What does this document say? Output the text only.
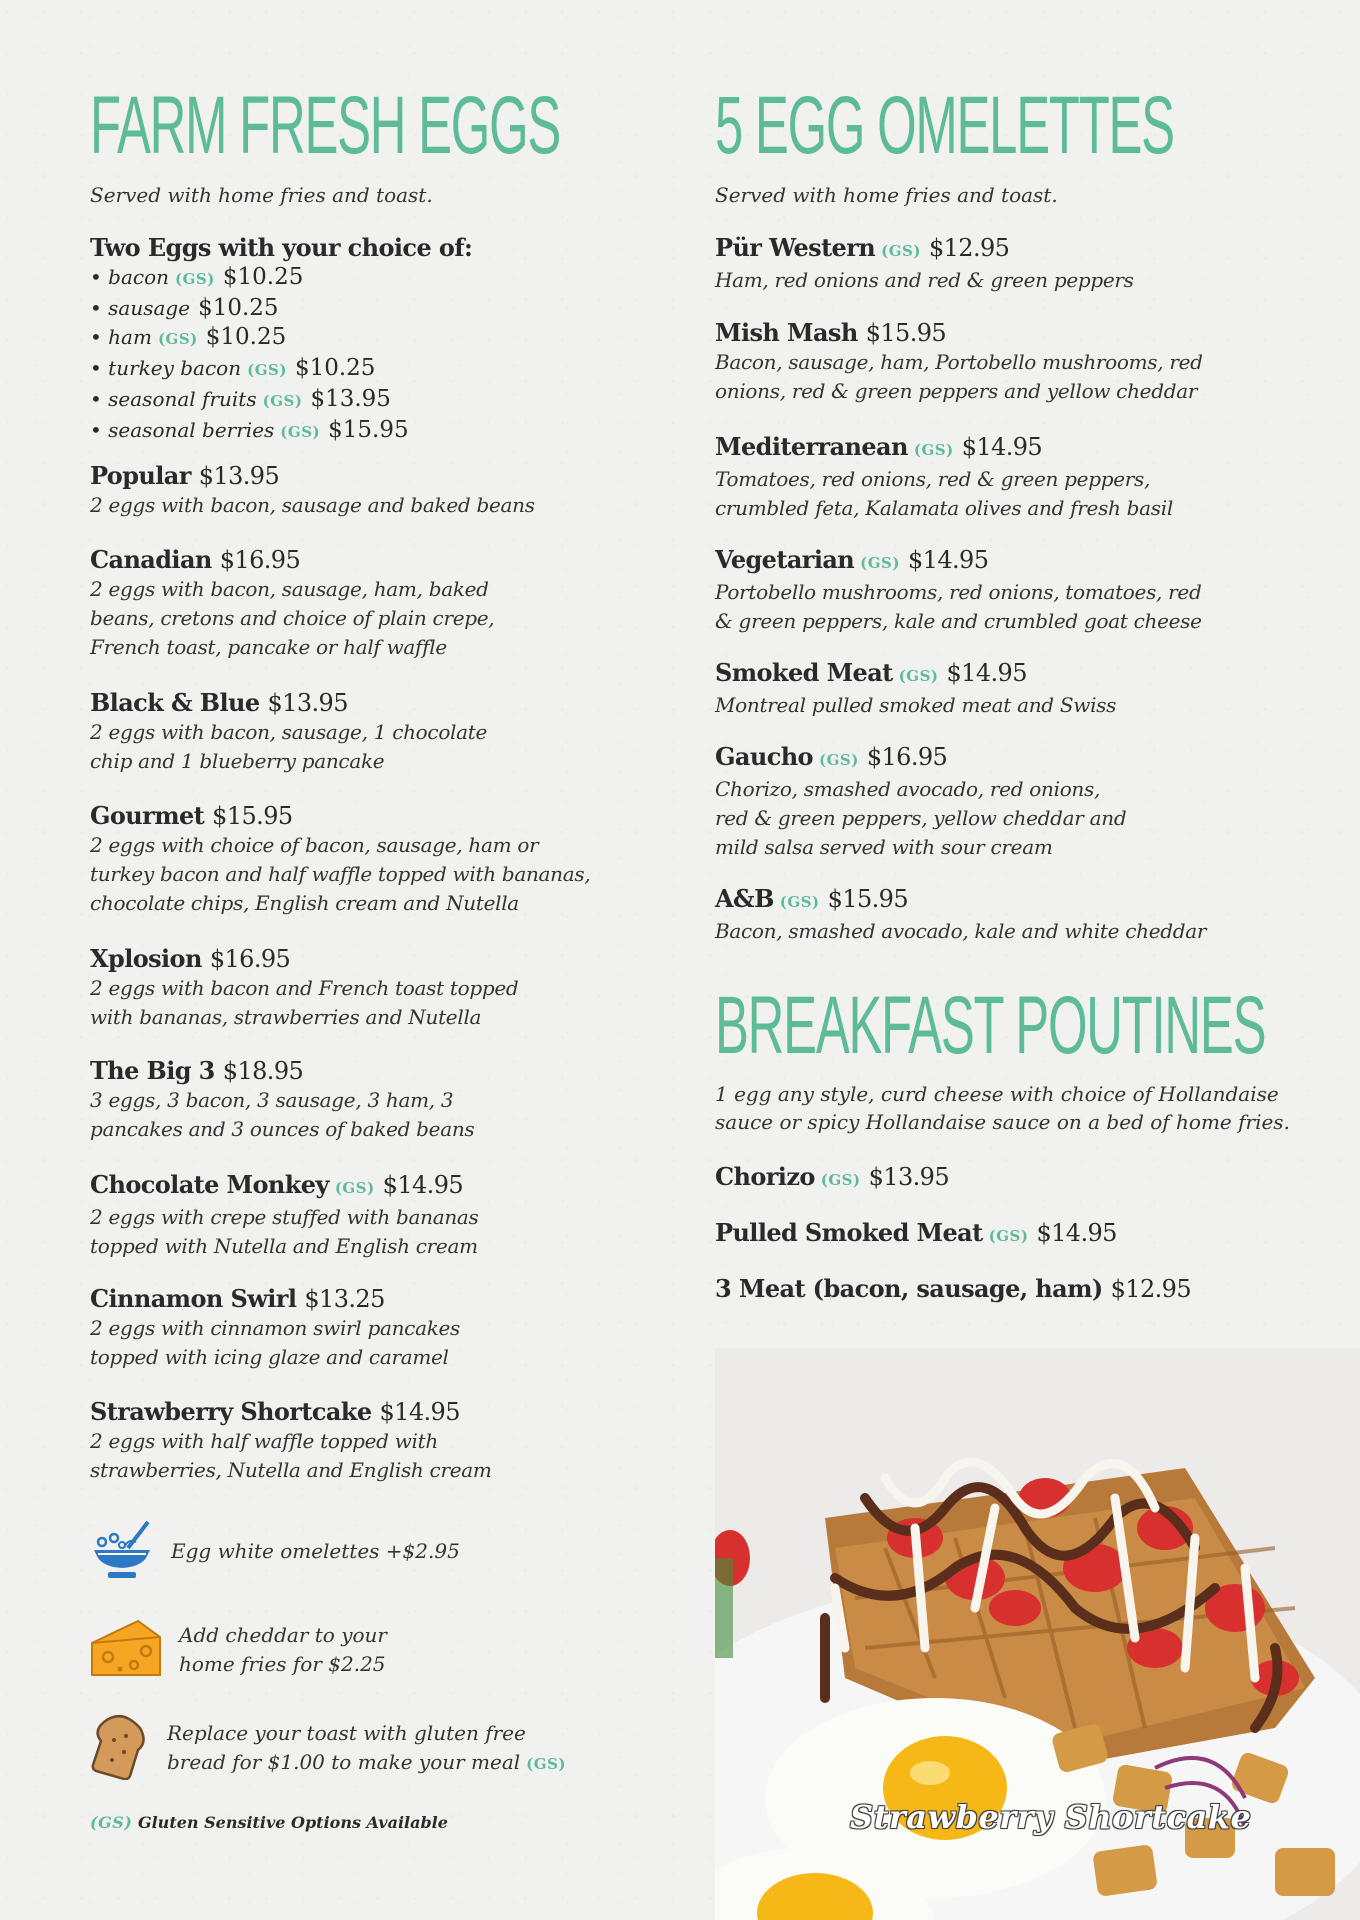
FARM FRESH EGGS

Served with home fries and toast.

Two Eggs with your choice of:

• bacon (GS) $10.25

• sausage $10.25

• ham (GS) $10.25

• turkey bacon (GS) $10.25

• seasonal fruits (GS) $13.95

• seasonal berries (GS) $15.95

Popular $13.95

2 eggs with bacon, sausage and baked beans

Canadian $16.95

2 eggs with bacon, sausage, ham, baked

beans, cretons and choice of plain crepe,

French toast, pancake or half waffle

Black & Blue $13.95

2 eggs with bacon, sausage, 1 chocolate

chip and 1 blueberry pancake

Gourmet $15.95

2 eggs with choice of bacon, sausage, ham or

turkey bacon and half waffle topped with bananas,

chocolate chips, English cream and Nutella

Xplosion $16.95

2 eggs with bacon and French toast topped

with bananas, strawberries and Nutella

The Big 3 $18.95

3 eggs, 3 bacon, 3 sausage, 3 ham, 3

pancakes and 3 ounces of baked beans

Chocolate Monkey (GS) $14.95

2 eggs with crepe stuffed with bananas

topped with Nutella and English cream

Cinnamon Swirl $13.25

2 eggs with cinnamon swirl pancakes

topped with icing glaze and caramel

Strawberry Shortcake $14.95

2 eggs with half waffle topped with

strawberries, Nutella and English cream

Egg white omelettes +$2.95
Add cheddar to your
home fries for $2.25
Replace your toast with gluten free
bread for $1.00 to make your meal (GS)
(GS) Gluten Sensitive Options Available
5 EGG OMELETTES

Served with home fries and toast.

Pür Western (GS) $12.95

Ham, red onions and red & green peppers

Mish Mash $15.95

Bacon, sausage, ham, Portobello mushrooms, red

onions, red & green peppers and yellow cheddar

Mediterranean (GS) $14.95

Tomatoes, red onions, red & green peppers,

crumbled feta, Kalamata olives and fresh basil

Vegetarian (GS) $14.95

Portobello mushrooms, red onions, tomatoes, red

& green peppers, kale and crumbled goat cheese

Smoked Meat (GS) $14.95

Montreal pulled smoked meat and Swiss

Gaucho (GS) $16.95

Chorizo, smashed avocado, red onions,

red & green peppers, yellow cheddar and

mild salsa served with sour cream

A&B (GS) $15.95

Bacon, smashed avocado, kale and white cheddar

BREAKFAST POUTINES

1 egg any style, curd cheese with choice of Hollandaise

sauce or spicy Hollandaise sauce on a bed of home fries.

Chorizo (GS) $13.95

Pulled Smoked Meat (GS) $14.95

3 Meat (bacon, sausage, ham) $12.95

Strawberry Shortcake
